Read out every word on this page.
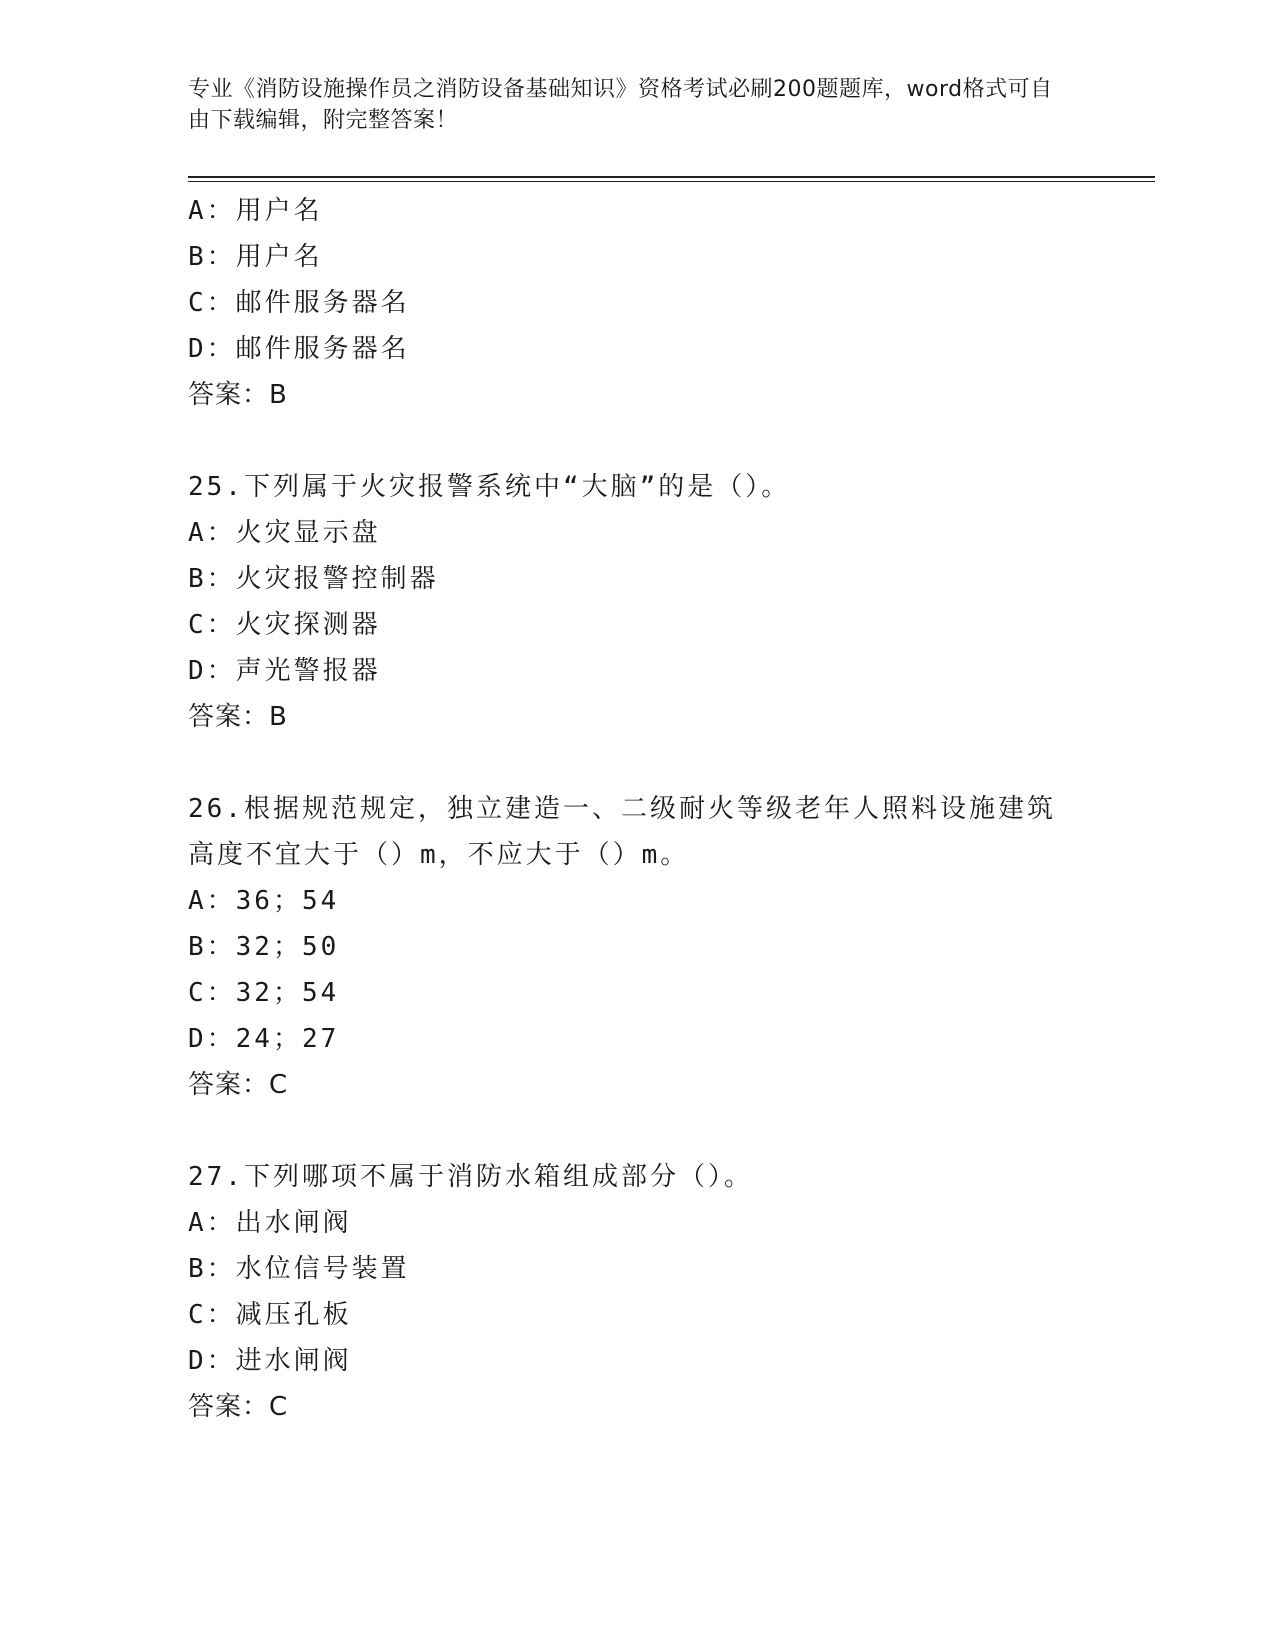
专业《消防设施操作员之消防设备基础知识》资格考试必刷200题题库，word格式可自由下载编辑，附完整答案！
A：用户名
B：用户名
C：邮件服务器名
D：邮件服务器名
答案：B
25.下列属于火灾报警系统中“大脑”的是（）。
A：火灾显示盘
B：火灾报警控制器
C：火灾探测器
D：声光警报器
答案：B
26.根据规范规定，独立建造一、二级耐火等级老年人照料设施建筑高度不宜大于（）m，不应大于（）m。
A：36；54
B：32；50
C：32；54
D：24；27
答案：C
27.下列哪项不属于消防水箱组成部分（）。
A：出水闸阀
B：水位信号装置
C：减压孔板
D：进水闸阀
答案：C
